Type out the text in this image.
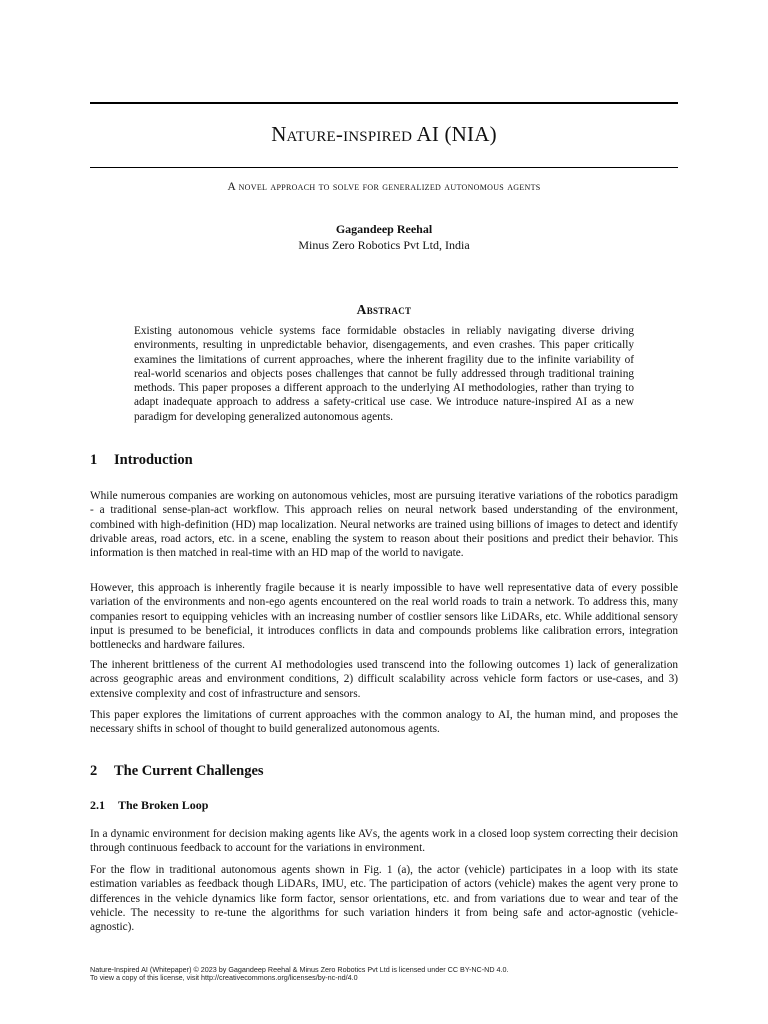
Nature-inspired AI (NIA)

A novel approach to solve for generalized autonomous agents

Gagandeep Reehal

Minus Zero Robotics Pvt Ltd, India

Abstract

Existing autonomous vehicle systems face formidable obstacles in reliably navigating diverse driving environments, resulting in unpredictable behavior, disengagements, and even crashes. This paper critically examines the limitations of current approaches, where the inherent fragility due to the infinite variability of real-world scenarios and objects poses challenges that cannot be fully addressed through traditional training methods. This paper proposes a different approach to the underlying AI methodologies, rather than trying to adapt inadequate approach to address a safety-critical use case. We introduce nature-inspired AI as a new paradigm for developing generalized autonomous agents.

1 Introduction

While numerous companies are working on autonomous vehicles, most are pursuing iterative variations of the robotics paradigm - a traditional sense-plan-act workflow. This approach relies on neural network based understanding of the environment, combined with high-definition (HD) map localization. Neural networks are trained using billions of images to detect and identify drivable areas, road actors, etc. in a scene, enabling the system to reason about their positions and predict their behavior. This information is then matched in real-time with an HD map of the world to navigate.

However, this approach is inherently fragile because it is nearly impossible to have well representative data of every possible variation of the environments and non-ego agents encountered on the real world roads to train a network. To address this, many companies resort to equipping vehicles with an increasing number of costlier sensors like LiDARs, etc. While additional sensory input is presumed to be beneficial, it introduces conflicts in data and compounds problems like calibration errors, integration bottlenecks and hardware failures.

The inherent brittleness of the current AI methodologies used transcend into the following outcomes 1) lack of generalization across geographic areas and environment conditions, 2) difficult scalability across vehicle form factors or use-cases, and 3) extensive complexity and cost of infrastructure and sensors.

This paper explores the limitations of current approaches with the common analogy to AI, the human mind, and proposes the necessary shifts in school of thought to build generalized autonomous agents.

2 The Current Challenges
2.1 The Broken Loop

In a dynamic environment for decision making agents like AVs, the agents work in a closed loop system correcting their decision through continuous feedback to account for the variations in environment.

For the flow in traditional autonomous agents shown in Fig. 1 (a), the actor (vehicle) participates in a loop with its state estimation variables as feedback though LiDARs, IMU, etc. The participation of actors (vehicle) makes the agent very prone to differences in the vehicle dynamics like form factor, sensor orientations, etc. and from variations due to wear and tear of the vehicle. The necessity to re-tune the algorithms for such variation hinders it from being safe and actor-agnostic (vehicle-agnostic).

Nature-Inspired AI (Whitepaper) © 2023 by Gagandeep Reehal & Minus Zero Robotics Pvt Ltd is licensed under CC BY-NC-ND 4.0.
To view a copy of this license, visit http://creativecommons.org/licenses/by-nc-nd/4.0
